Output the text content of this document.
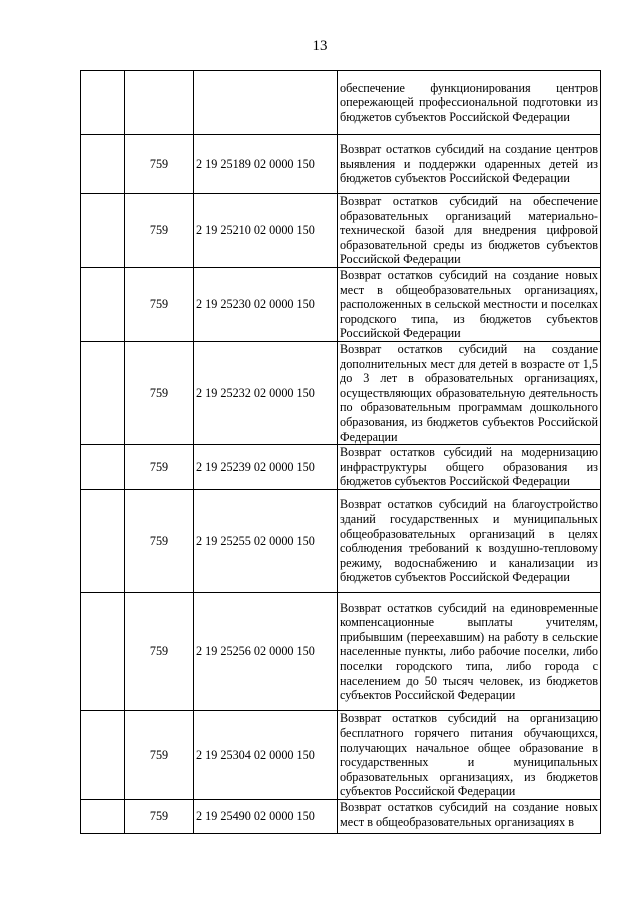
13
			обеспечение функционирования центров опережающей профессиональной подготовки из бюджетов субъектов Российской Федерации
	759	2 19 25189 02 0000 150	Возврат остатков субсидий на создание центров выявления и поддержки одаренных детей из бюджетов субъектов Российской Федерации
	759	2 19 25210 02 0000 150	Возврат остатков субсидий на обеспечение образовательных организаций материально-технической базой для внедрения цифровой образовательной среды из бюджетов субъектов Российской Федерации
	759	2 19 25230 02 0000 150	Возврат остатков субсидий на создание новых мест в общеобразовательных организациях, расположенных в сельской местности и поселках городского типа, из бюджетов субъектов Российской Федерации
	759	2 19 25232 02 0000 150	Возврат остатков субсидий на создание дополнительных мест для детей в возрасте от 1,5 до 3 лет в образовательных организациях, осуществляющих образовательную деятельность по образовательным программам дошкольного образования, из бюджетов субъектов Российской Федерации
	759	2 19 25239 02 0000 150	Возврат остатков субсидий на модернизацию инфраструктуры общего образования из бюджетов субъектов Российской Федерации
	759	2 19 25255 02 0000 150	Возврат остатков субсидий на благоустройство зданий государственных и муниципальных общеобразовательных организаций в целях соблюдения требований к воздушно-тепловому режиму, водоснабжению и канализации из бюджетов субъектов Российской Федерации
	759	2 19 25256 02 0000 150	Возврат остатков субсидий на единовременные компенсационные выплаты учителям, прибывшим (переехавшим) на работу в сельские населенные пункты, либо рабочие поселки, либо поселки городского типа, либо города с населением до 50 тысяч человек, из бюджетов субъектов Российской Федерации
	759	2 19 25304 02 0000 150	Возврат остатков субсидий на организацию бесплатного горячего питания обучающихся, получающих начальное общее образование в государственных и муниципальных образовательных организациях, из бюджетов субъектов Российской Федерации
	759	2 19 25490 02 0000 150	Возврат остатков субсидий на создание новых мест в общеобразовательных организациях в
